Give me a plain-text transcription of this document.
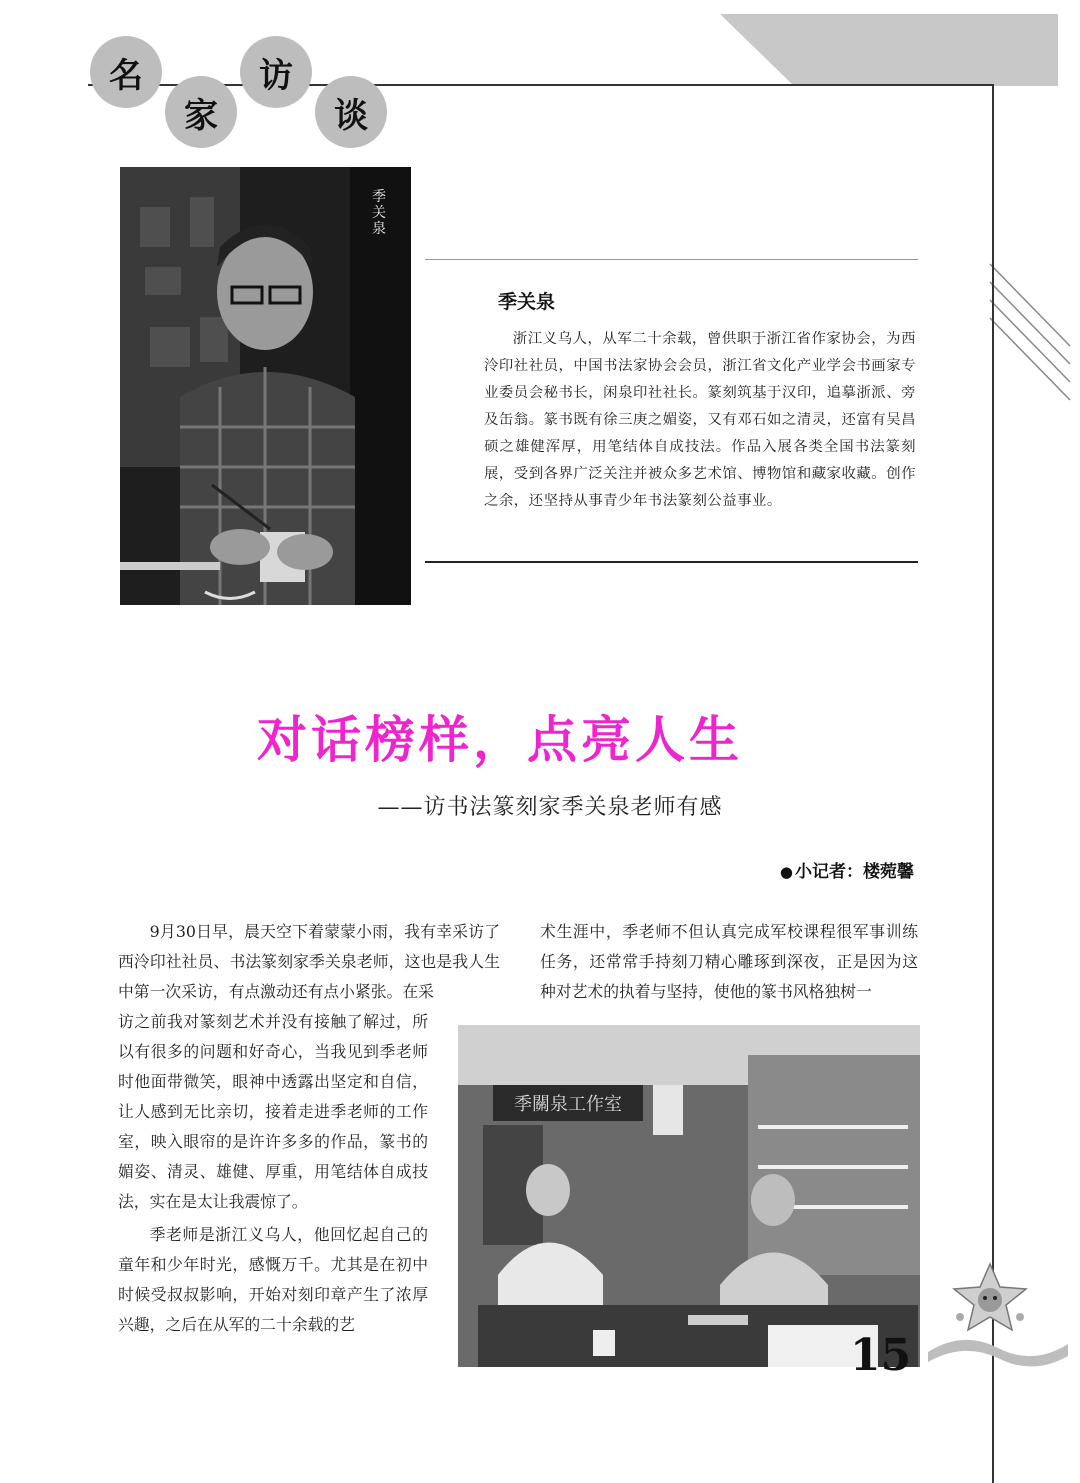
名
家
访
谈
季关泉
季关泉

浙江义乌人，从军二十余载，曾供职于浙江省作家协会，为西泠印社社员，中国书法家协会会员，浙江省文化产业学会书画家专业委员会秘书长，闲泉印社社长。篆刻筑基于汉印，追摹浙派、旁及缶翁。篆书既有徐三庚之媚姿，又有邓石如之清灵，还富有吴昌硕之雄健浑厚，用笔结体自成技法。作品入展各类全国书法篆刻展，受到各界广泛关注并被众多艺术馆、博物馆和藏家收藏。创作之余，还坚持从事青少年书法篆刻公益事业。

对话榜样，点亮人生
——访书法篆刻家季关泉老师有感
● 小记者：楼菀馨

9月30日早，晨天空下着蒙蒙小雨，我有幸采访了西泠印社社员、书法篆刻家季关泉老师，这也是我人生中第一次采访，有点激动还有点小紧张。在采

访之前我对篆刻艺术并没有接触了解过，所以有很多的问题和好奇心，当我见到季老师时他面带微笑，眼神中透露出坚定和自信，让人感到无比亲切，接着走进季老师的工作室，映入眼帘的是许许多多的作品，篆书的媚姿、清灵、雄健、厚重，用笔结体自成技法，实在是太让我震惊了。

季老师是浙江义乌人，他回忆起自己的童年和少年时光，感慨万千。尤其是在初中时候受叔叔影响，开始对刻印章产生了浓厚兴趣，之后在从军的二十余载的艺

术生涯中，季老师不但认真完成军校课程很军事训练任务，还常常手持刻刀精心雕琢到深夜，正是因为这种对艺术的执着与坚持，使他的篆书风格独树一

季關泉工作室
15
